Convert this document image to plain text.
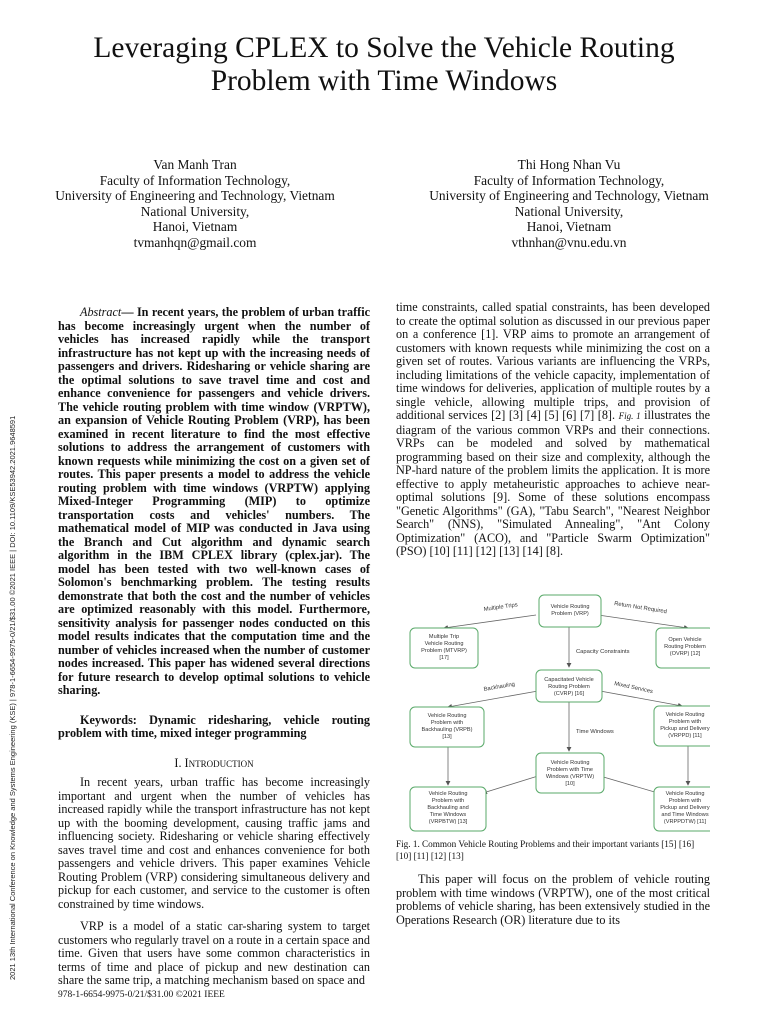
Leveraging CPLEX to Solve the Vehicle Routing Problem with Time Windows
Van Manh Tran
Faculty of Information Technology,
University of Engineering and Technology, Vietnam
National University,
Hanoi, Vietnam
tvmanhqn@gmail.com
Thi Hong Nhan Vu
Faculty of Information Technology,
University of Engineering and Technology, Vietnam
National University,
Hanoi, Vietnam
vthnhan@vnu.edu.vn
2021 13th International Conference on Knowledge and Systems Engineering (KSE) | 978-1-6654-9975-0/21/$31.00 ©2021 IEEE | DOI: 10.1109/KSE53942.2021.9648591

Abstract— In recent years, the problem of urban traffic has become increasingly urgent when the number of vehicles has increased rapidly while the transport infrastructure has not kept up with the increasing needs of passengers and drivers. Ridesharing or vehicle sharing are the optimal solutions to save travel time and cost and enhance convenience for passengers and vehicle drivers. The vehicle routing problem with time window (VRPTW), an expansion of Vehicle Routing Problem (VRP), has been examined in recent literature to find the most effective solutions to address the arrangement of customers with known requests while minimizing the cost on a given set of routes. This paper presents a model to address the vehicle routing problem with time windows (VRPTW) applying Mixed-Integer Programming (MIP) to optimize transportation costs and vehicles' numbers. The mathematical model of MIP was conducted in Java using the Branch and Cut algorithm and dynamic search algorithm in the IBM CPLEX library (cplex.jar). The model has been tested with two well-known cases of Solomon's benchmarking problem. The testing results demonstrate that both the cost and the number of vehicles are optimized reasonably with this model. Furthermore, sensitivity analysis for passenger nodes conducted on this model results indicates that the computation time and the number of vehicles increased when the number of customer nodes increased. This paper has widened several directions for future research to develop optimal solutions to vehicle sharing.

Keywords: Dynamic ridesharing, vehicle routing problem with time, mixed integer programming

I. Introduction

In recent years, urban traffic has become increasingly important and urgent when the number of vehicles has increased rapidly while the transport infrastructure has not kept up with the booming development, causing traffic jams and influencing society. Ridesharing or vehicle sharing effectively saves travel time and cost and enhances convenience for both passengers and vehicle drivers. This paper examines Vehicle Routing Problem (VRP) considering simultaneous delivery and pickup for each customer, and service to the customer is often constrained by time windows.

VRP is a model of a static car-sharing system to target customers who regularly travel on a route in a certain space and time. Given that users have some common characteristics in terms of time and place of pickup and new destination can share the same trip, a matching mechanism based on space and

time constraints, called spatial constraints, has been developed to create the optimal solution as discussed in our previous paper on a conference [1]. VRP aims to promote an arrangement of customers with known requests while minimizing the cost on a given set of routes. Various variants are influencing the VRPs, including limitations of the vehicle capacity, implementation of time windows for deliveries, application of multiple routes by a single vehicle, allowing multiple trips, and provision of additional services [2] [3] [4] [5] [6] [7] [8]. Fig. 1 illustrates the diagram of the various common VRPs and their connections. VRPs can be modeled and solved by mathematical programming based on their size and complexity, although the NP-hard nature of the problem limits the application. It is more effective to apply metaheuristic approaches to achieve near-optimal solutions [9]. Some of these solutions encompass "Genetic Algorithms" (GA), "Tabu Search", "Nearest Neighbor Search" (NNS), "Simulated Annealing", "Ant Colony Optimization" (ACO), and "Particle Swarm Optimization" (PSO) [10] [11] [12] [13] [14] [8].

Vehicle Routing Problem (VRP)
Multiple Trip Vehicle Routing Problem (MTVRP) [17]
Open Vehicle Routing Problem (OVRP) [12]
Capacitated Vehicle Routing Problem (CVRP) [16]
Vehicle Routing Problem with Backhauling (VRPB) [13]
Vehicle Routing Problem with Pickup and Delivery (VRPPD) [11]
Vehicle Routing Problem with Time Windows (VRPTW) [10]
Vehicle Routing Problem with Backhauling and Time Windows (VRPBTW) [13]
Vehicle Routing Problem with Pickup and Delivery and Time Windows (VRPPDTW) [11]
Multiple Trips	Return Not Required
Capacity Constraints
Backhauling	Mixed Services
Time Windows
Fig. 1. Common Vehicle Routing Problems and their important variants [15] [16] [10] [11] [12] [13]

This paper will focus on the problem of vehicle routing problem with time windows (VRPTW), one of the most critical problems of vehicle sharing, has been extensively studied in the Operations Research (OR) literature due to its

978-1-6654-9975-0/21/$31.00 ©2021 IEEE
